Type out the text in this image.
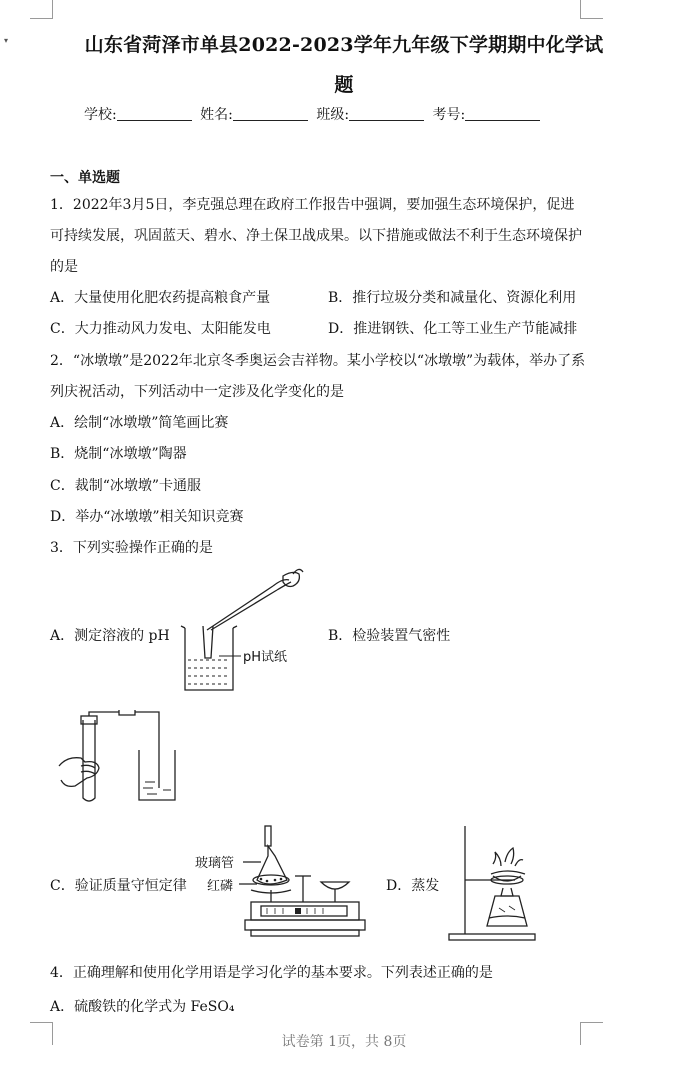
▾	山东省菏泽市单县2022-2023学年九年级下学期期中化学试
题
学校:	姓名:	班级:	考号:
一、单选题
1．2022年3月5日，李克强总理在政府工作报告中强调，要加强生态环境保护，促进
可持续发展，巩固蓝天、碧水、净土保卫战成果。以下措施或做法不利于生态环境保护
的是
A．大量使用化肥农药提高粮食产量	B．推行垃圾分类和减量化、资源化利用
C．大力推动风力发电、太阳能发电	D．推进钢铁、化工等工业生产节能减排
2．“冰墩墩”是2022年北京冬季奥运会吉祥物。某小学校以“冰墩墩”为载体，举办了系
列庆祝活动，下列活动中一定涉及化学变化的是
A．绘制“冰墩墩”简笔画比赛
B．烧制“冰墩墩”陶器
C．裁制“冰墩墩”卡通服
D．举办“冰墩墩”相关知识竞赛
3．下列实验操作正确的是
A．测定溶液的 pH	B．检验装置气密性
C．验证质量守恒定律	D．蒸发
pH试纸
玻璃管
红磷
4．正确理解和使用化学用语是学习化学的基本要求。下列表述正确的是
A．硫酸铁的化学式为 FeSO₄
试卷第 1页，共 8页
